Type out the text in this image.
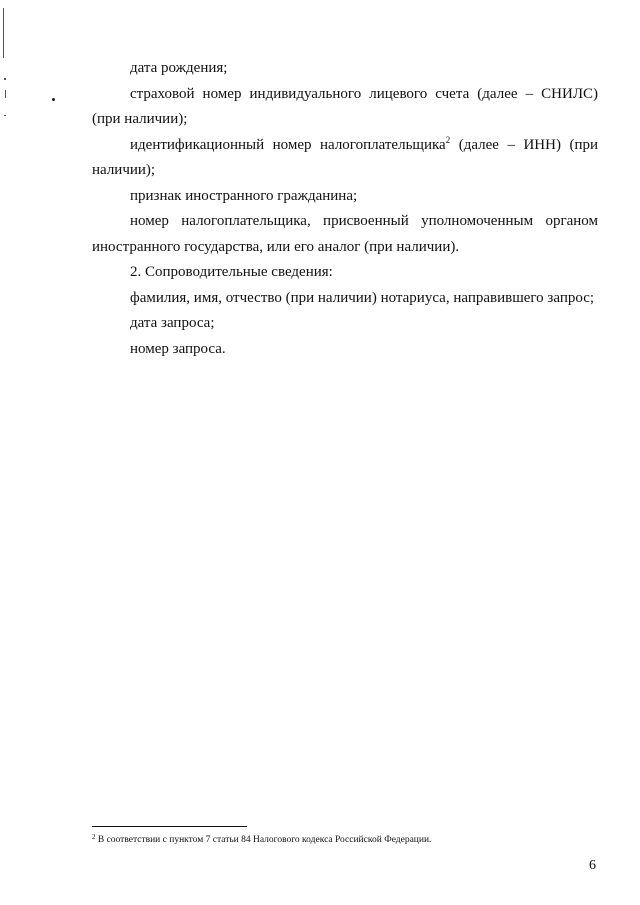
дата рождения;

страховой номер индивидуального лицевого счета (далее – СНИЛС) (при наличии);

идентификационный номер налогоплательщика$^2$ (далее – ИНН) (при наличии);

признак иностранного гражданина;

номер налогоплательщика, присвоенный уполномоченным органом иностранного государства, или его аналог (при наличии).

2. Сопроводительные сведения:

фамилия, имя, отчество (при наличии) нотариуса, направившего запрос;

дата запроса;

номер запроса.

$^2$ В соответствии с пунктом 7 статьи 84 Налогового кодекса Российской Федерации.
6
